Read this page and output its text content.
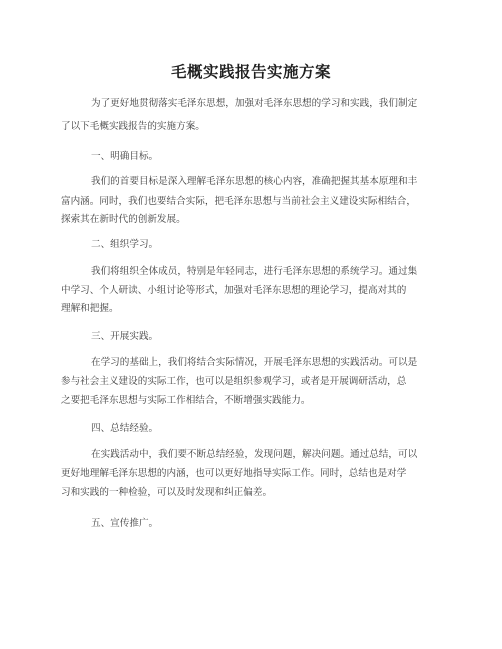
毛概实践报告实施方案
为了更好地贯彻落实毛泽东思想，加强对毛泽东思想的学习和实践，我们制定
了以下毛概实践报告的实施方案。
一、明确目标。
我们的首要目标是深入理解毛泽东思想的核心内容，准确把握其基本原理和丰
富内涵。同时，我们也要结合实际，把毛泽东思想与当前社会主义建设实际相结合，
探索其在新时代的创新发展。
二、组织学习。
我们将组织全体成员，特别是年轻同志，进行毛泽东思想的系统学习。通过集
中学习、个人研读、小组讨论等形式，加强对毛泽东思想的理论学习，提高对其的
理解和把握。
三、开展实践。
在学习的基础上，我们将结合实际情况，开展毛泽东思想的实践活动。可以是
参与社会主义建设的实际工作，也可以是组织参观学习，或者是开展调研活动，总
之要把毛泽东思想与实际工作相结合，不断增强实践能力。
四、总结经验。
在实践活动中，我们要不断总结经验，发现问题，解决问题。通过总结，可以
更好地理解毛泽东思想的内涵，也可以更好地指导实际工作。同时，总结也是对学
习和实践的一种检验，可以及时发现和纠正偏差。
五、宣传推广。
